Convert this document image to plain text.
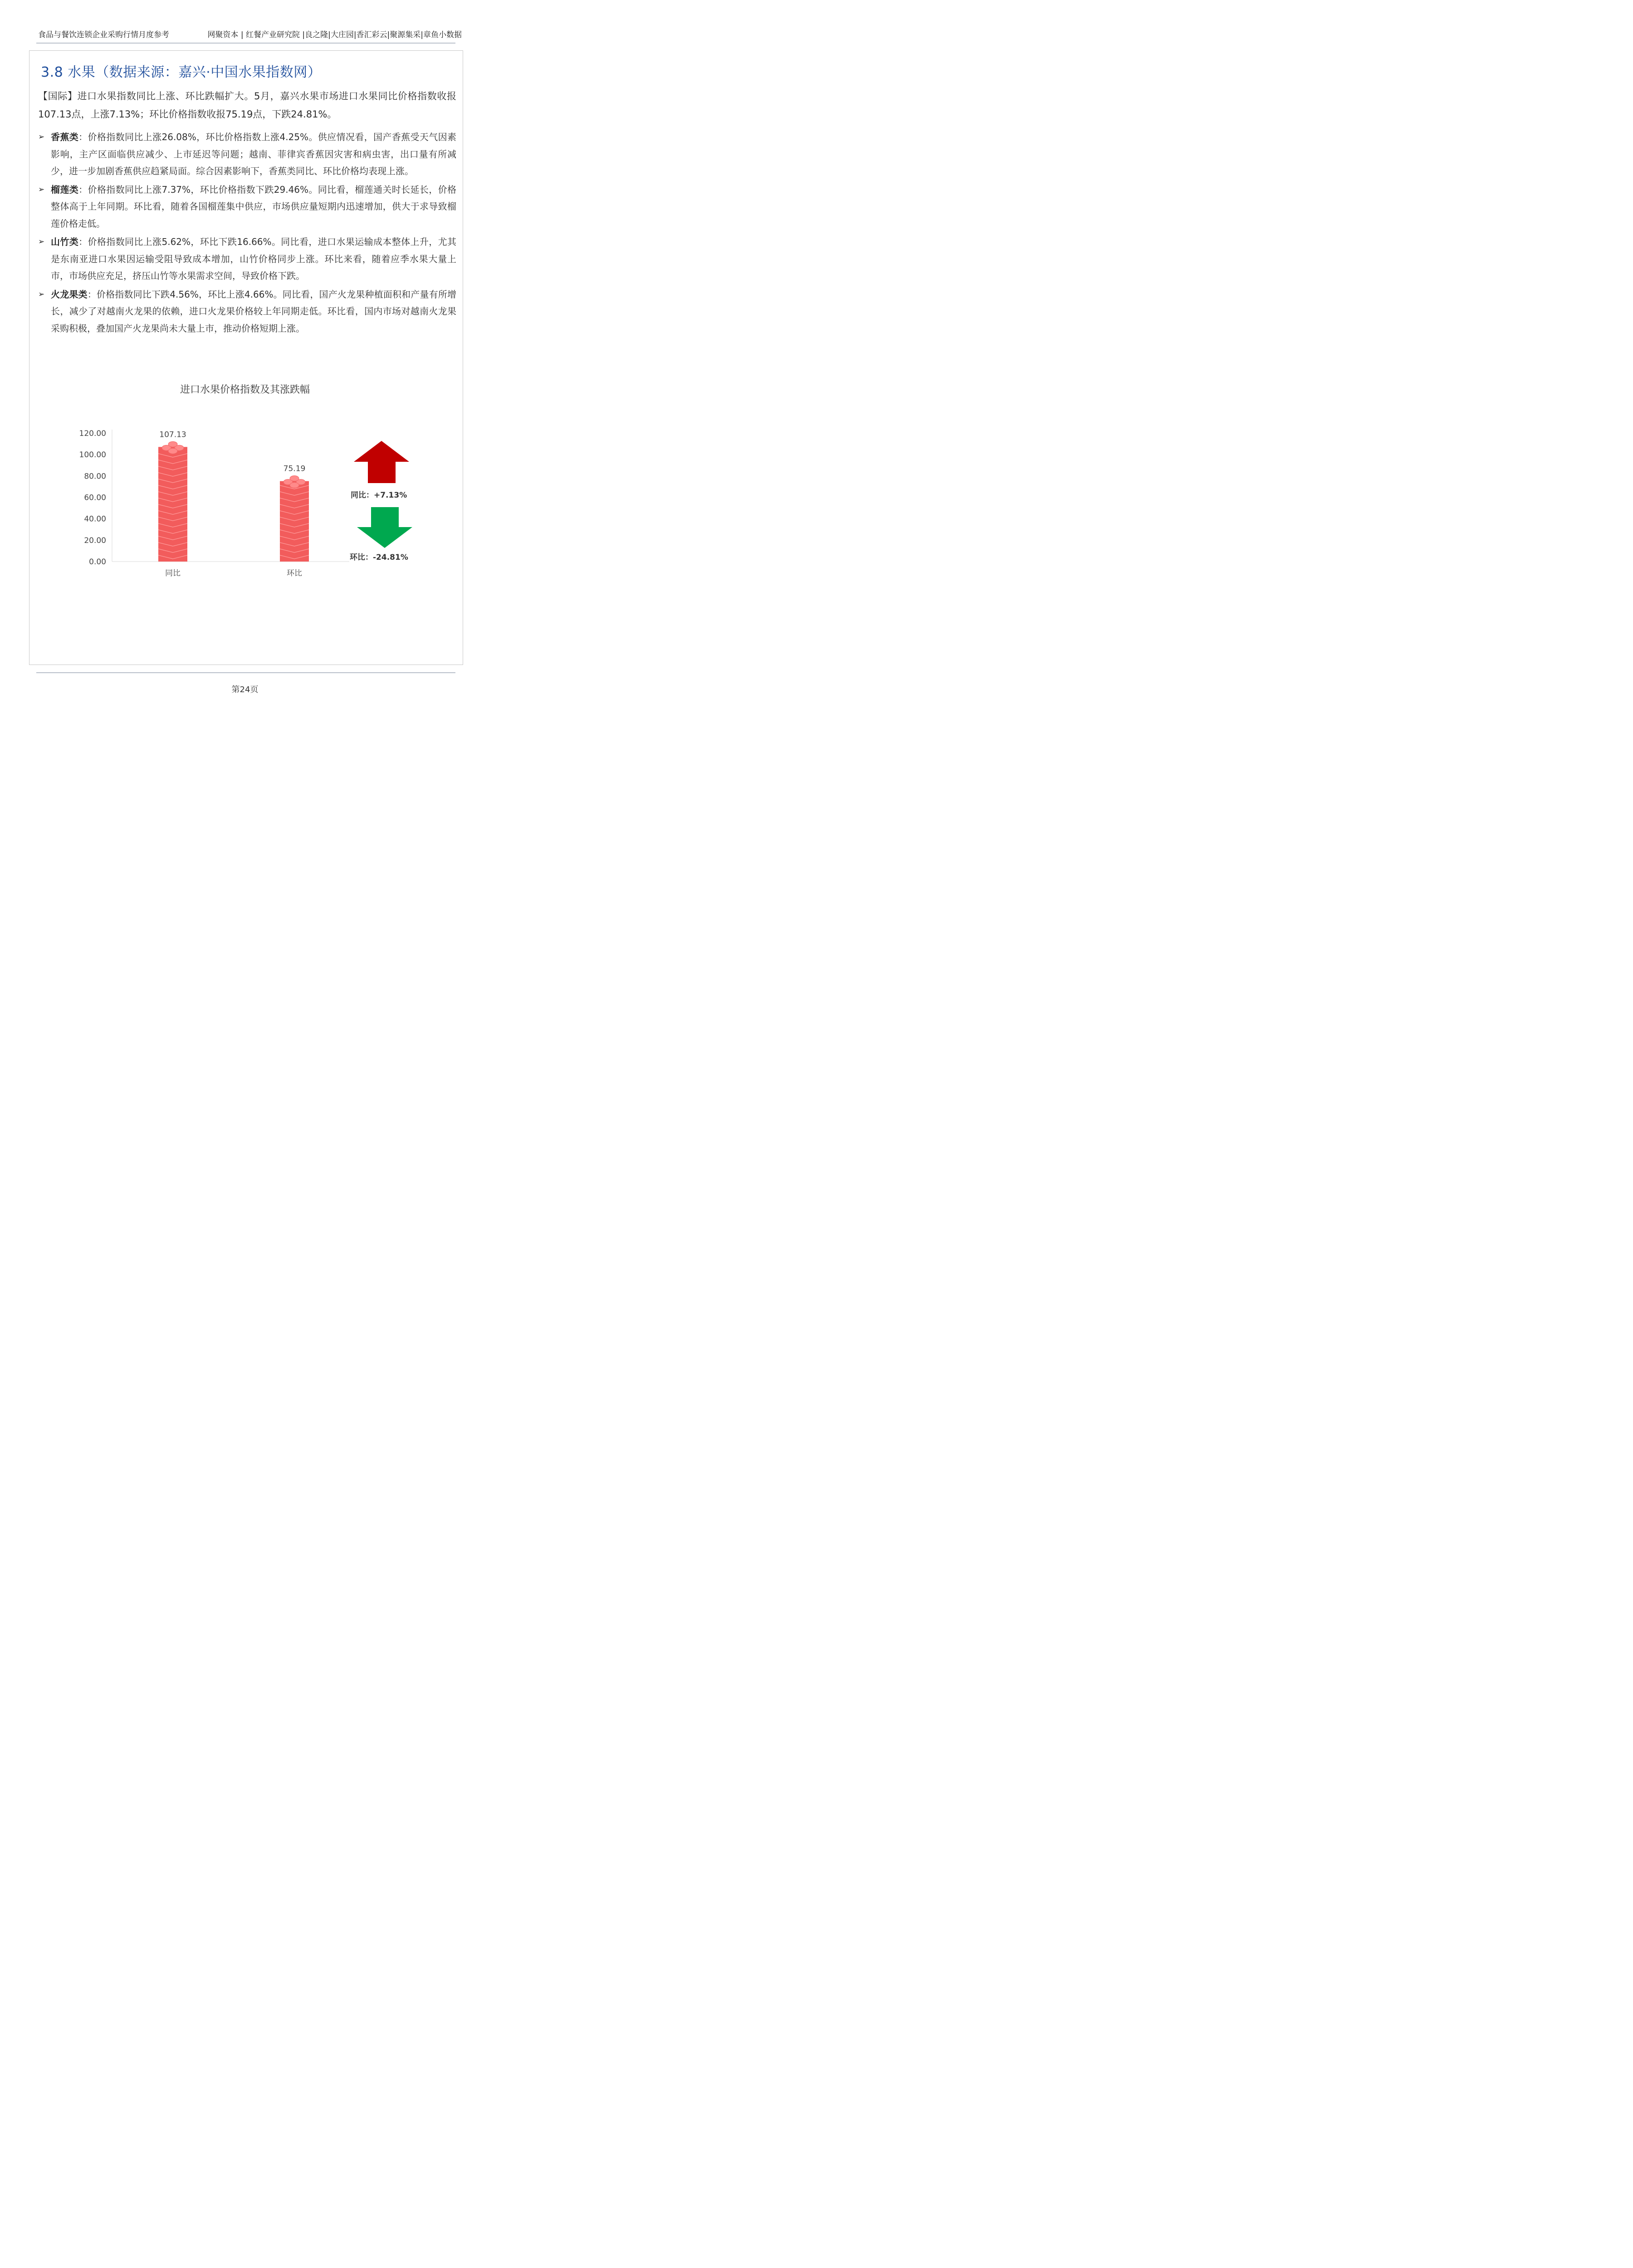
食品与餐饮连锁企业采购行情月度参考	网聚资本 | 红餐产业研究院 |良之隆|大庄园|香汇彩云|聚源集采|章鱼小数据
3.8 水果（数据来源：嘉兴·中国水果指数网）
【国际】进口水果指数同比上涨、环比跌幅扩大。5月，嘉兴水果市场进口水果同比价格指数收报107.13点，上涨7.13%；环比价格指数收报75.19点，下跌24.81%。
➢ 香蕉类：价格指数同比上涨26.08%，环比价格指数上涨4.25%。供应情况看，国产香蕉受天气因素影响，主产区面临供应减少、上市延迟等问题；越南、菲律宾香蕉因灾害和病虫害，出口量有所减少，进一步加剧香蕉供应趋紧局面。综合因素影响下，香蕉类同比、环比价格均表现上涨。
➢ 榴莲类：价格指数同比上涨7.37%，环比价格指数下跌29.46%。同比看，榴莲通关时长延长，价格整体高于上年同期。环比看，随着各国榴莲集中供应，市场供应量短期内迅速增加，供大于求导致榴莲价格走低。
➢ 山竹类：价格指数同比上涨5.62%，环比下跌16.66%。同比看，进口水果运输成本整体上升，尤其是东南亚进口水果因运输受阻导致成本增加，山竹价格同步上涨。环比来看，随着应季水果大量上市，市场供应充足，挤压山竹等水果需求空间，导致价格下跌。
➢ 火龙果类：价格指数同比下跌4.56%，环比上涨4.66%。同比看，国产火龙果种植面积和产量有所增长，减少了对越南火龙果的依赖，进口火龙果价格较上年同期走低。环比看，国内市场对越南火龙果采购积极，叠加国产火龙果尚未大量上市，推动价格短期上涨。
进口水果价格指数及其涨跌幅
0.00
20.00
40.00
60.00
80.00
100.00
120.00	107.13
同比
75.19
环比
同比：+7.13%
环比：-24.81%
第24页
